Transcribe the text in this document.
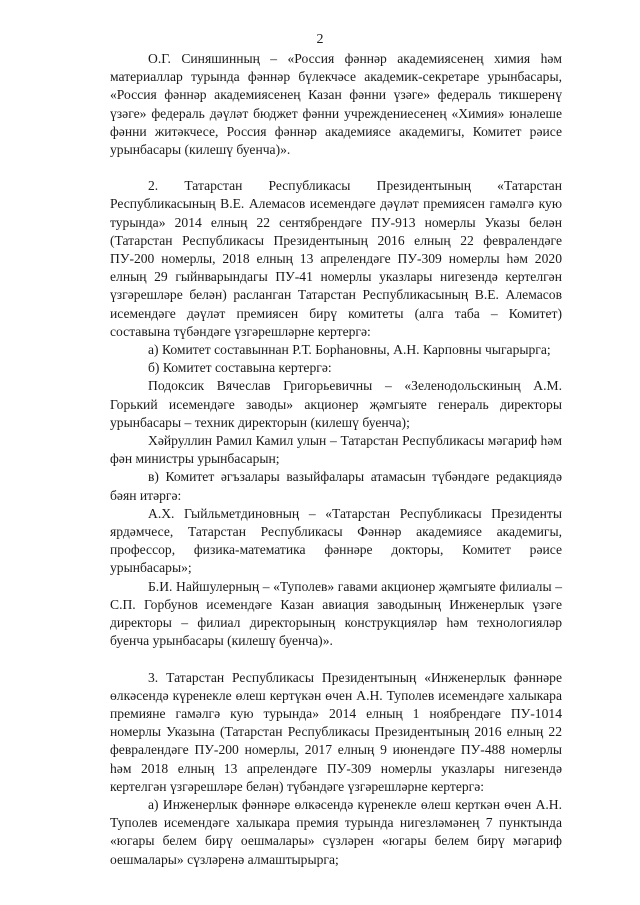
2

О.Г. Синяшинның – «Россия фәннәр академиясенең химия һәм материаллар турында фәннәр бүлекчәсе академик-секретаре урынбасары, «Россия фәннәр академиясенең Казан фәнни үзәге» федераль тикшеренү үзәге» федераль дәүләт бюджет фәнни учреждениесенең «Химия» юнәлеше фәнни житәкчесе, Россия фәннәр академиясе академигы, Комитет рәисе урынбасары (килешү буенча)».

2. Татарстан Республикасы Президентының «Татарстан Республикасының В.Е. Алемасов исемендәге дәүләт премиясен гамәлгә кую турында» 2014 елның 22 сентябрендәге ПУ-913 номерлы Указы белән (Татарстан Республикасы Президентының 2016 елның 22 февралендәге ПУ-200 номерлы, 2018 елның 13 апрелендәге ПУ-309 номерлы һәм 2020 елның 29 гыйнварындагы ПУ-41 номерлы указлары нигезендә кертелгән үзгәрешләре белән) расланган Татарстан Республикасының В.Е. Алемасов исемендәге дәүләт премиясен бирү комитеты (алга таба – Комитет) составына түбәндәге үзгәрешләрне кертергә:

а) Комитет составыннан Р.Т. Борһановны, А.Н. Карповны чыгарырга;

б) Комитет составына кертергә:

Подоксик Вячеслав Григорьевичны – «Зеленодольскиның А.М. Горький исемендәге заводы» акционер җәмгыяте генераль директоры урынбасары – техник директорын (килешү буенча);

Хәйруллин Рамил Камил улын – Татарстан Республикасы мәгариф һәм фән министры урынбасарын;

в) Комитет әгъзалары вазыйфалары атамасын түбәндәге редакциядә бәян итәргә:

А.Х. Гыйльметдиновның – «Татарстан Республикасы Президенты ярдәмчесе, Татарстан Республикасы Фәннәр академиясе академигы, профессор, физика-математика фәннәре докторы, Комитет рәисе урынбасары»;

Б.И. Найшулерның – «Туполев» гавами акционер җәмгыяте филиалы – С.П. Горбунов исемендәге Казан авиация заводының Инженерлык үзәге директоры – филиал директорының конструкцияләр һәм технологияләр буенча урынбасары (килешү буенча)».

3. Татарстан Республикасы Президентының «Инженерлык фәннәре өлкәсендә күренекле өлеш кертүкән өчен А.Н. Туполев исемендәге халыкара премияне гамәлгә кую турында» 2014 елның 1 ноябрендәге ПУ-1014 номерлы Указына (Татарстан Республикасы Президентының 2016 елның 22 февралендәге ПУ-200 номерлы, 2017 елның 9 июнендәге ПУ-488 номерлы һәм 2018 елның 13 апрелендәге ПУ-309 номерлы указлары нигезендә кертелгән үзгәрешләре белән) түбәндәге үзгәрешләрне кертергә:

а) Инженерлык фәннәре өлкәсендә күренекле өлеш керткән өчен А.Н. Туполев исемендәге халыкара премия турында нигезләмәнең 7 пунктында «югары белем бирү оешмалары» сүзләрен «югары белем бирү мәгариф оешмалары» сүзләренә алмаштырырга;
